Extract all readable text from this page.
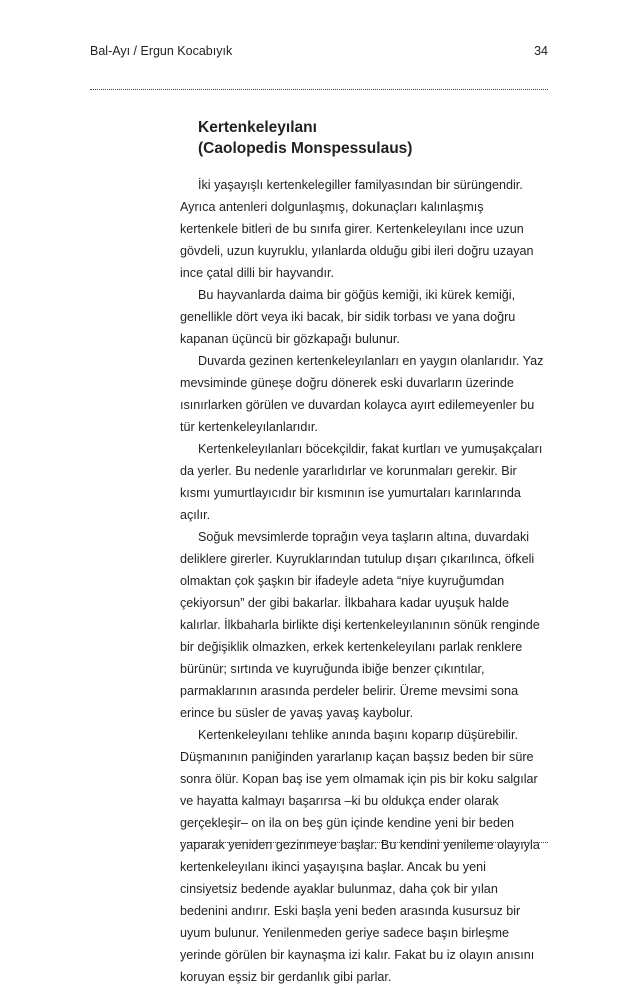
Bal-Ayı / Ergun Kocabıyık	34
Kertenkeleyılanı
(Caolopedis Monspessulaus)

İki yaşayışlı kertenkelegiller familyasından bir sürüngendir. Ayrıca antenleri dolgunlaşmış, dokunaçları kalınlaşmış kertenkele bitleri de bu sınıfa girer. Kertenkeleyılanı ince uzun gövdeli, uzun kuyruklu, yılanlarda olduğu gibi ileri doğru uzayan ince çatal dilli bir hayvandır.

Bu hayvanlarda daima bir göğüs kemiği, iki kürek kemiği, genellikle dört veya iki bacak, bir sidik torbası ve yana doğru kapanan üçüncü bir gözkapağı bulunur.

Duvarda gezinen kertenkeleyılanları en yaygın olanlarıdır. Yaz mevsiminde güneşe doğru dönerek eski duvarların üzerinde ısınırlarken görülen ve duvardan kolayca ayırt edilemeyenler bu tür kertenkeleyılanlarıdır.

Kertenkeleyılanları böcekçildir, fakat kurtları ve yumuşakçaları da yerler. Bu nedenle yararlıdırlar ve korunmaları gerekir. Bir kısmı yumurtlayıcıdır bir kısmının ise yumurtaları karınlarında açılır.

Soğuk mevsimlerde toprağın veya taşların altına, duvardaki deliklere girerler. Kuyruklarından tutulup dışarı çıkarılınca, öfkeli olmaktan çok şaşkın bir ifadeyle adeta “niye kuyruğumdan çekiyorsun” der gibi bakarlar. İlkbahara kadar uyuşuk halde kalırlar. İlkbaharla birlikte dişi kertenkeleyılanının sönük renginde bir değişiklik olmazken, erkek kertenkeleyılanı parlak renklere bürünür; sırtında ve kuyruğunda ibiğe benzer çıkıntılar, parmaklarının arasında perdeler belirir. Üreme mevsimi sona erince bu süsler de yavaş yavaş kaybolur.

Kertenkeleyılanı tehlike anında başını koparıp düşürebilir. Düşmanının paniğinden yararlanıp kaçan başsız beden bir süre sonra ölür. Kopan baş ise yem olmamak için pis bir koku salgılar ve hayatta kalmayı başarırsa –ki bu oldukça ender olarak gerçekleşir– on ila on beş gün içinde kendine yeni bir beden yaparak yeniden gezinmeye başlar. Bu kendini yenileme olayıyla kertenkeleyılanı ikinci yaşayışına başlar. Ancak bu yeni cinsiyetsiz bedende ayaklar bulunmaz, daha çok bir yılan bedenini andırır. Eski başla yeni beden arasında kusursuz bir uyum bulunur. Yenilenmeden geriye sadece başın birleşme yerinde görülen bir kaynaşma izi kalır. Fakat bu iz olayın anısını koruyan eşsiz bir gerdanlık gibi parlar.
